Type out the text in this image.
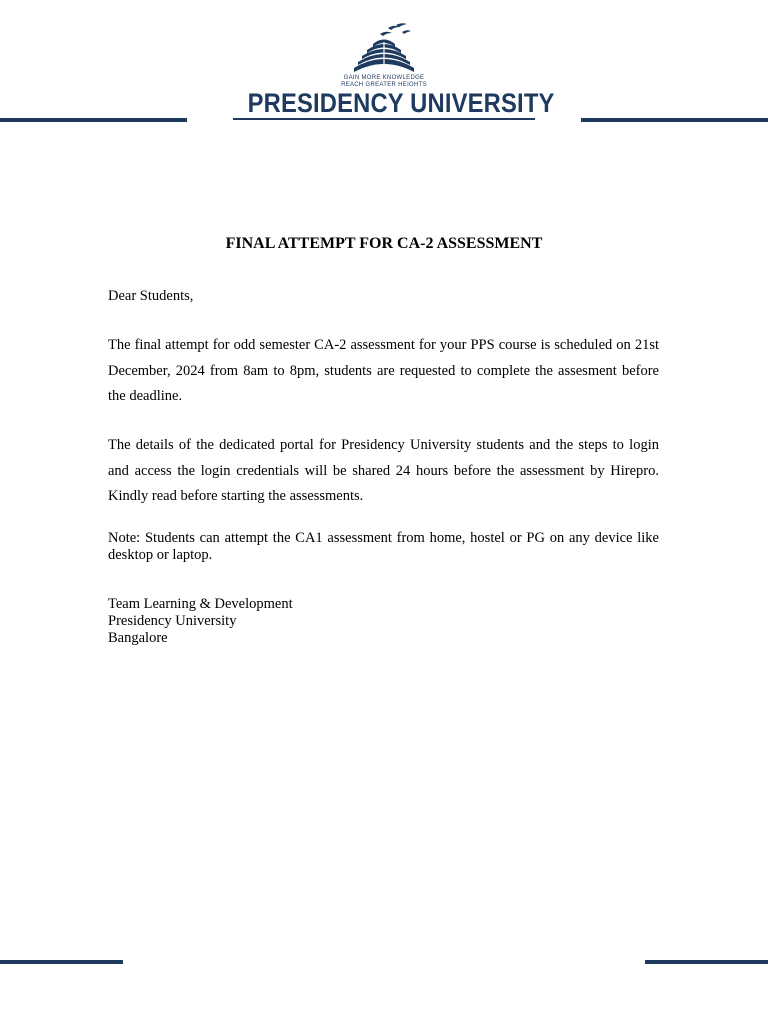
GAIN MORE KNOWLEDGE
REACH GREATER HEIGHTS
PRESIDENCY UNIVERSITY
FINAL ATTEMPT FOR CA-2 ASSESSMENT
Dear Students,
The final attempt for odd semester CA-2 assessment for your PPS course is scheduled on 21st December, 2024 from 8am to 8pm, students are requested to complete the assesment before the deadline.
The details of the dedicated portal for Presidency University students and the steps to login and access the login credentials will be shared 24 hours before the assessment by Hirepro. Kindly read before starting the assessments.
Note: Students can attempt the CA1 assessment from home, hostel or PG on any device like desktop or laptop.
Team Learning & Development
Presidency University
Bangalore
